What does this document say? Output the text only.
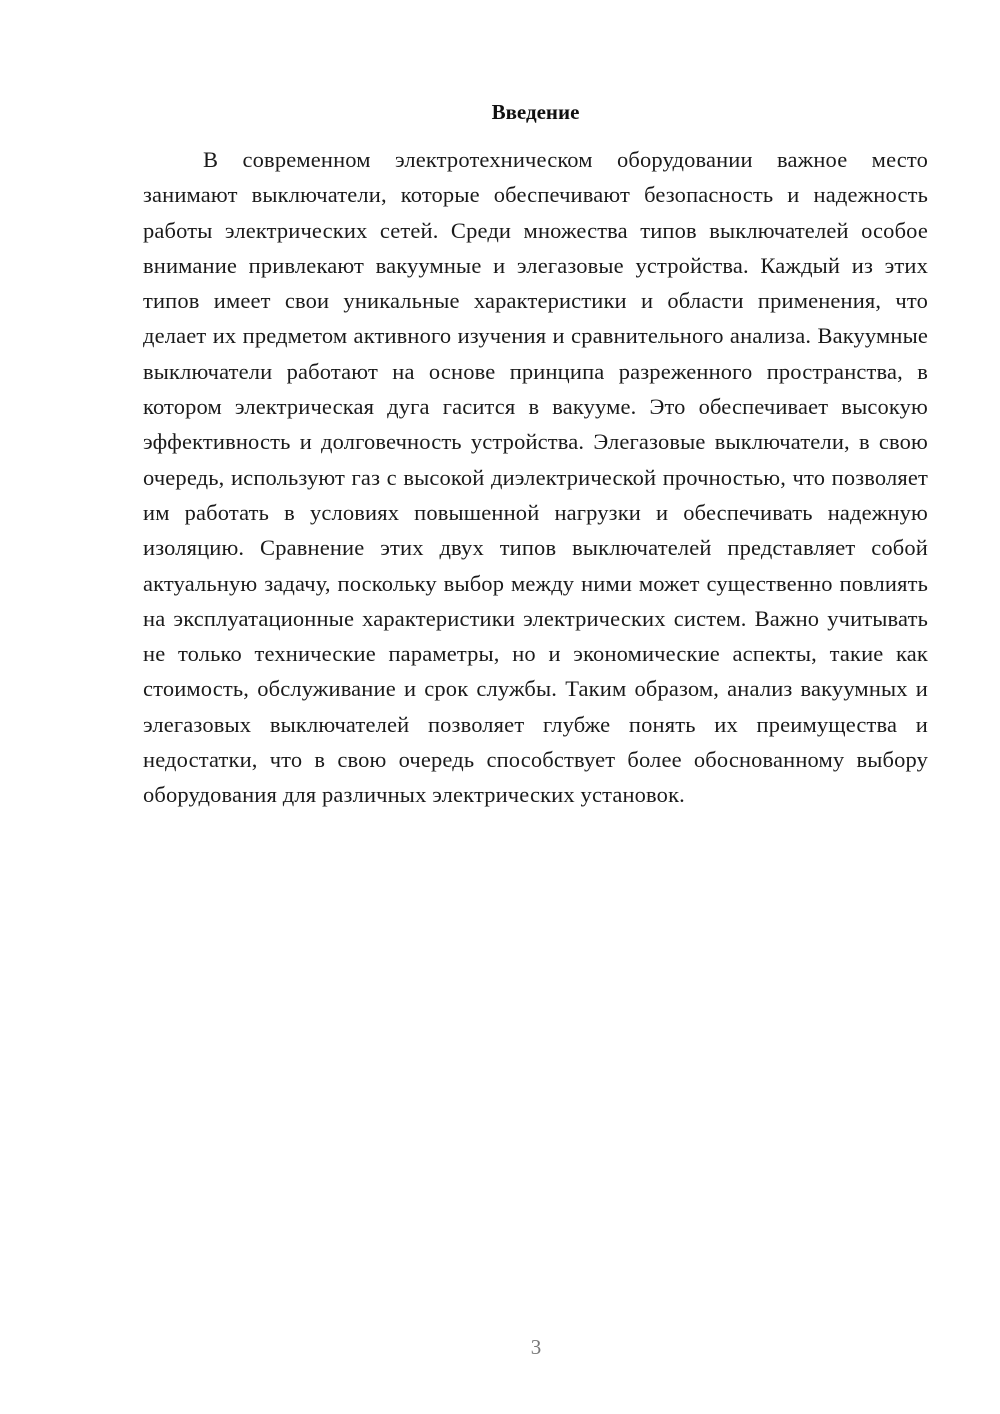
Введение

В современном электротехническом оборудовании важное место занимают выключатели, которые обеспечивают безопасность и надежность работы электрических сетей. Среди множества типов выключателей особое внимание привлекают вакуумные и элегазовые устройства. Каждый из этих типов имеет свои уникальные характеристики и области применения, что делает их предметом активного изучения и сравнительного анализа. Вакуумные выключатели работают на основе принципа разреженного пространства, в котором электрическая дуга гасится в вакууме. Это обеспечивает высокую эффективность и долговечность устройства. Элегазовые выключатели, в свою очередь, используют газ с высокой диэлектрической прочностью, что позволяет им работать в условиях повышенной нагрузки и обеспечивать надежную изоляцию. Сравнение этих двух типов выключателей представляет собой актуальную задачу, поскольку выбор между ними может существенно повлиять на эксплуатационные характеристики электрических систем. Важно учитывать не только технические параметры, но и экономические аспекты, такие как стоимость, обслуживание и срок службы. Таким образом, анализ вакуумных и элегазовых выключателей позволяет глубже понять их преимущества и недостатки, что в свою очередь способствует более обоснованному выбору оборудования для различных электрических установок.

3
